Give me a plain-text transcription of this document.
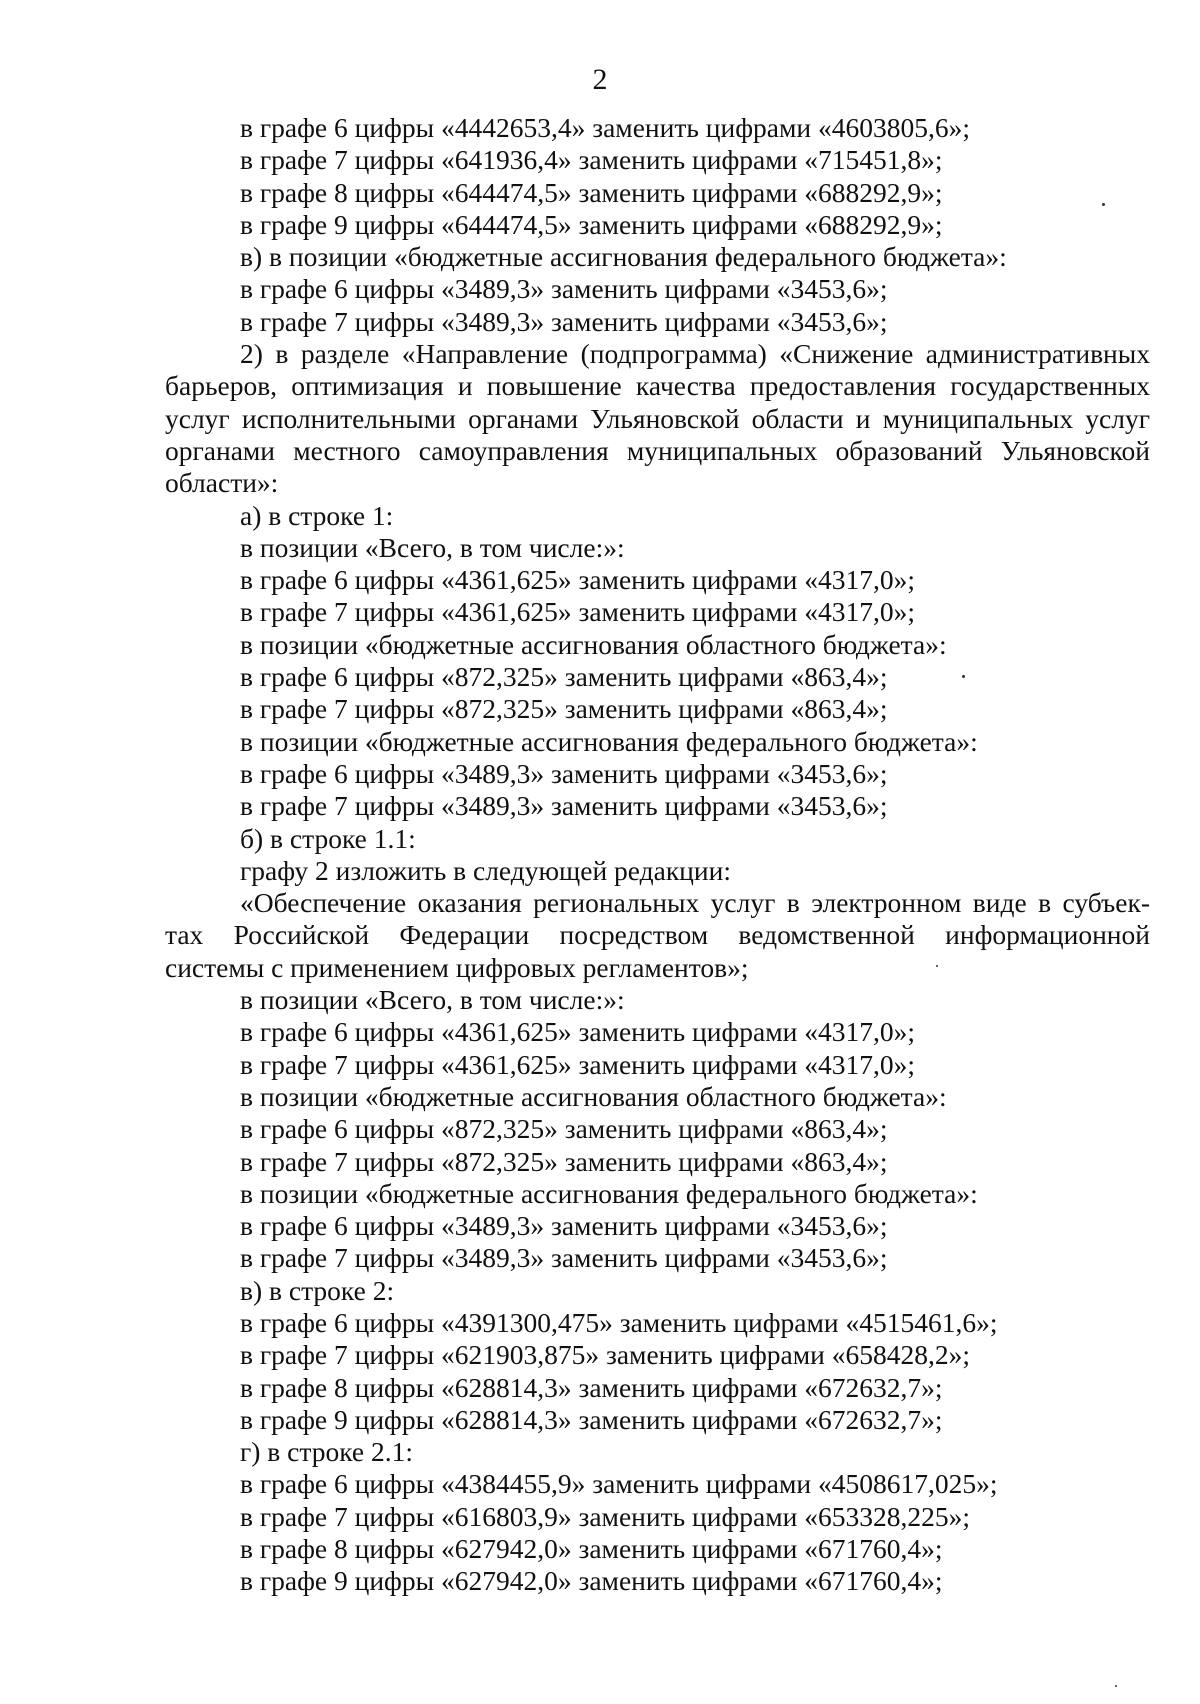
2

в графе 6 цифры «4442653,4» заменить цифрами «4603805,6»;

в графе 7 цифры «641936,4» заменить цифрами «715451,8»;

в графе 8 цифры «644474,5» заменить цифрами «688292,9»;

в графе 9 цифры «644474,5» заменить цифрами «688292,9»;

в) в позиции «бюджетные ассигнования федерального бюджета»:

в графе 6 цифры «3489,3» заменить цифрами «3453,6»;

в графе 7 цифры «3489,3» заменить цифрами «3453,6»;

2) в разделе «Направление (подпрограмма) «Снижение административных
барьеров, оптимизация и повышение качества предоставления государственных
услуг исполнительными органами Ульяновской области и муниципальных услуг
органами местного самоуправления муниципальных образований Ульяновской
области»:

а) в строке 1:

в позиции «Всего, в том числе:»:

в графе 6 цифры «4361,625» заменить цифрами «4317,0»;

в графе 7 цифры «4361,625» заменить цифрами «4317,0»;

в позиции «бюджетные ассигнования областного бюджета»:

в графе 6 цифры «872,325» заменить цифрами «863,4»;

в графе 7 цифры «872,325» заменить цифрами «863,4»;

в позиции «бюджетные ассигнования федерального бюджета»:

в графе 6 цифры «3489,3» заменить цифрами «3453,6»;

в графе 7 цифры «3489,3» заменить цифрами «3453,6»;

б) в строке 1.1:

графу 2 изложить в следующей редакции:

«Обеспечение оказания региональных услуг в электронном виде в субъек-
тах Российской Федерации посредством ведомственной информационной
системы с применением цифровых регламентов»;

в позиции «Всего, в том числе:»:

в графе 6 цифры «4361,625» заменить цифрами «4317,0»;

в графе 7 цифры «4361,625» заменить цифрами «4317,0»;

в позиции «бюджетные ассигнования областного бюджета»:

в графе 6 цифры «872,325» заменить цифрами «863,4»;

в графе 7 цифры «872,325» заменить цифрами «863,4»;

в позиции «бюджетные ассигнования федерального бюджета»:

в графе 6 цифры «3489,3» заменить цифрами «3453,6»;

в графе 7 цифры «3489,3» заменить цифрами «3453,6»;

в) в строке 2:

в графе 6 цифры «4391300,475» заменить цифрами «4515461,6»;

в графе 7 цифры «621903,875» заменить цифрами «658428,2»;

в графе 8 цифры «628814,3» заменить цифрами «672632,7»;

в графе 9 цифры «628814,3» заменить цифрами «672632,7»;

г) в строке 2.1:

в графе 6 цифры «4384455,9» заменить цифрами «4508617,025»;

в графе 7 цифры «616803,9» заменить цифрами «653328,225»;

в графе 8 цифры «627942,0» заменить цифрами «671760,4»;

в графе 9 цифры «627942,0» заменить цифрами «671760,4»;
